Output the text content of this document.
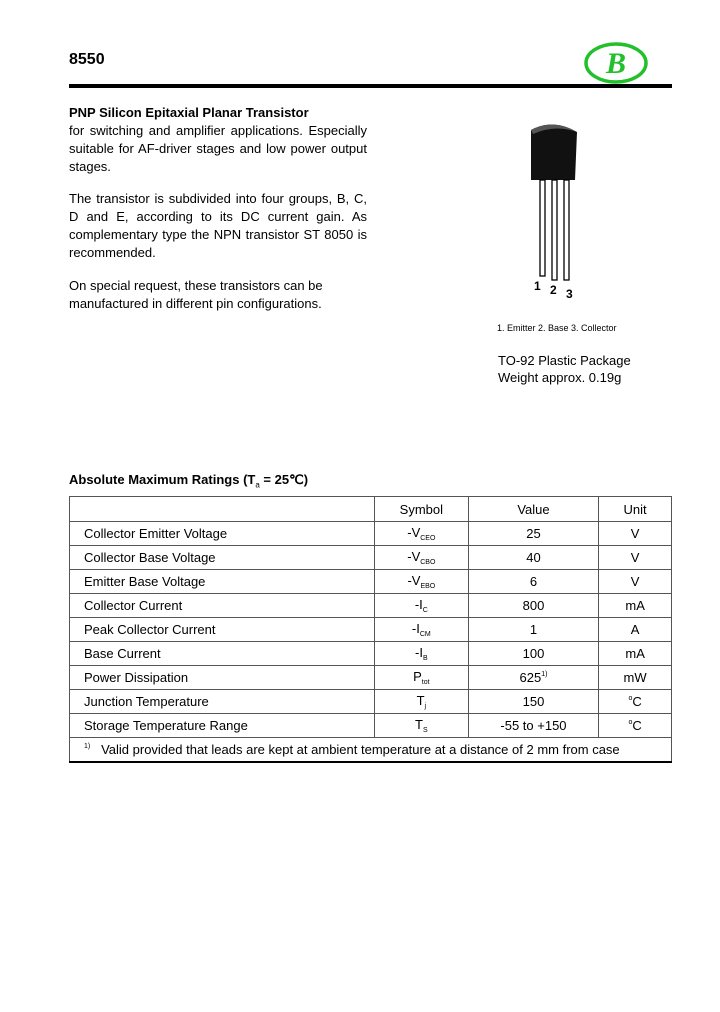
8550	B
PNP Silicon Epitaxial Planar Transistor

for switching and amplifier applications. Especially suitable for AF-driver stages and low power output stages.

The transistor is subdivided into four groups, B, C, D and E, according to its DC current gain. As complementary type the NPN transistor ST 8050 is recommended.

On special request, these transistors can be
manufactured in different pin configurations.

1 2 3
1. Emitter 2. Base 3. Collector
TO-92 Plastic Package
Weight approx. 0.19g
Absolute Maximum Ratings ($T_a$ = 25℃)
	Symbol	Value	Unit
Collector Emitter Voltage	$-V_{CEO}$	25	V
Collector Base Voltage	$-V_{CBO}$	40	V
Emitter Base Voltage	$-V_{EBO}$	6	V
Collector Current	$-I_C$	800	mA
Peak Collector Current	$-I_{CM}$	1	A
Base Current	$-I_B$	100	mA
Power Dissipation	$P_{tot}$	625$^{1)}$	mW
Junction Temperature	$T_j$	150	$^o$C
Storage Temperature Range	$T_S$	-55 to +150	$^o$C
$^{1)}$ Valid provided that leads are kept at ambient temperature at a distance of 2 mm from case			
